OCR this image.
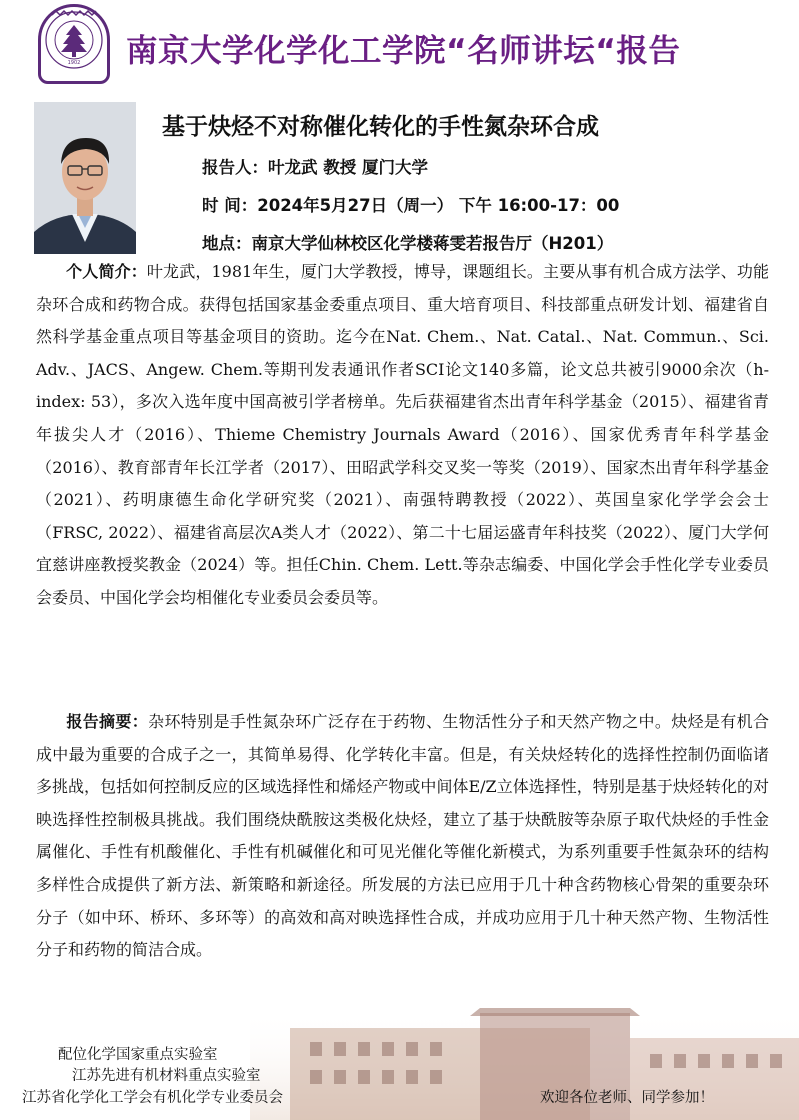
1902 南京大学化学化工学院“名师讲坛“报告
基于炔烃不对称催化转化的手性氮杂环合成
报告人：叶龙武 教授 厦门大学
时 间：2024年5月27日（周一） 下午 16:00-17：00
地点：南京大学仙林校区化学楼蒋雯若报告厅（H201）

个人简介：叶龙武，1981年生，厦门大学教授，博导，课题组长。主要从事有机合成方法学、功能杂环合成和药物合成。获得包括国家基金委重点项目、重大培育项目、科技部重点研发计划、福建省自然科学基金重点项目等基金项目的资助。迄今在Nat. Chem.、Nat. Catal.、Nat. Commun.、Sci. Adv.、JACS、Angew. Chem.等期刊发表通讯作者SCI论文140多篇，论文总共被引9000余次（h-index: 53），多次入选年度中国高被引学者榜单。先后获福建省杰出青年科学基金（2015）、福建省青年拔尖人才（2016）、Thieme Chemistry Journals Award（2016）、国家优秀青年科学基金（2016）、教育部青年长江学者（2017）、田昭武学科交叉奖一等奖（2019）、国家杰出青年科学基金（2021）、药明康德生命化学研究奖（2021）、南强特聘教授（2022）、英国皇家化学学会会士（FRSC, 2022）、福建省高层次A类人才（2022）、第二十七届运盛青年科技奖（2022）、厦门大学何宜慈讲座教授奖教金（2024）等。担任Chin. Chem. Lett.等杂志编委、中国化学会手性化学专业委员会委员、中国化学会均相催化专业委员会委员等。

报告摘要：杂环特别是手性氮杂环广泛存在于药物、生物活性分子和天然产物之中。炔烃是有机合成中最为重要的合成子之一，其简单易得、化学转化丰富。但是，有关炔烃转化的选择性控制仍面临诸多挑战，包括如何控制反应的区域选择性和烯烃产物或中间体E/Z立体选择性，特别是基于炔烃转化的对映选择性控制极具挑战。我们围绕炔酰胺这类极化炔烃，建立了基于炔酰胺等杂原子取代炔烃的手性金属催化、手性有机酸催化、手性有机碱催化和可见光催化等催化新模式，为系列重要手性氮杂环的结构多样性合成提供了新方法、新策略和新途径。所发展的方法已应用于几十种含药物核心骨架的重要杂环分子（如中环、桥环、多环等）的高效和高对映选择性合成，并成功应用于几十种天然产物、生物活性分子和药物的简洁合成。

配位化学国家重点实验室
江苏先进有机材料重点实验室
江苏省化学化工学会有机化学专业委员会	欢迎各位老师、同学参加！
